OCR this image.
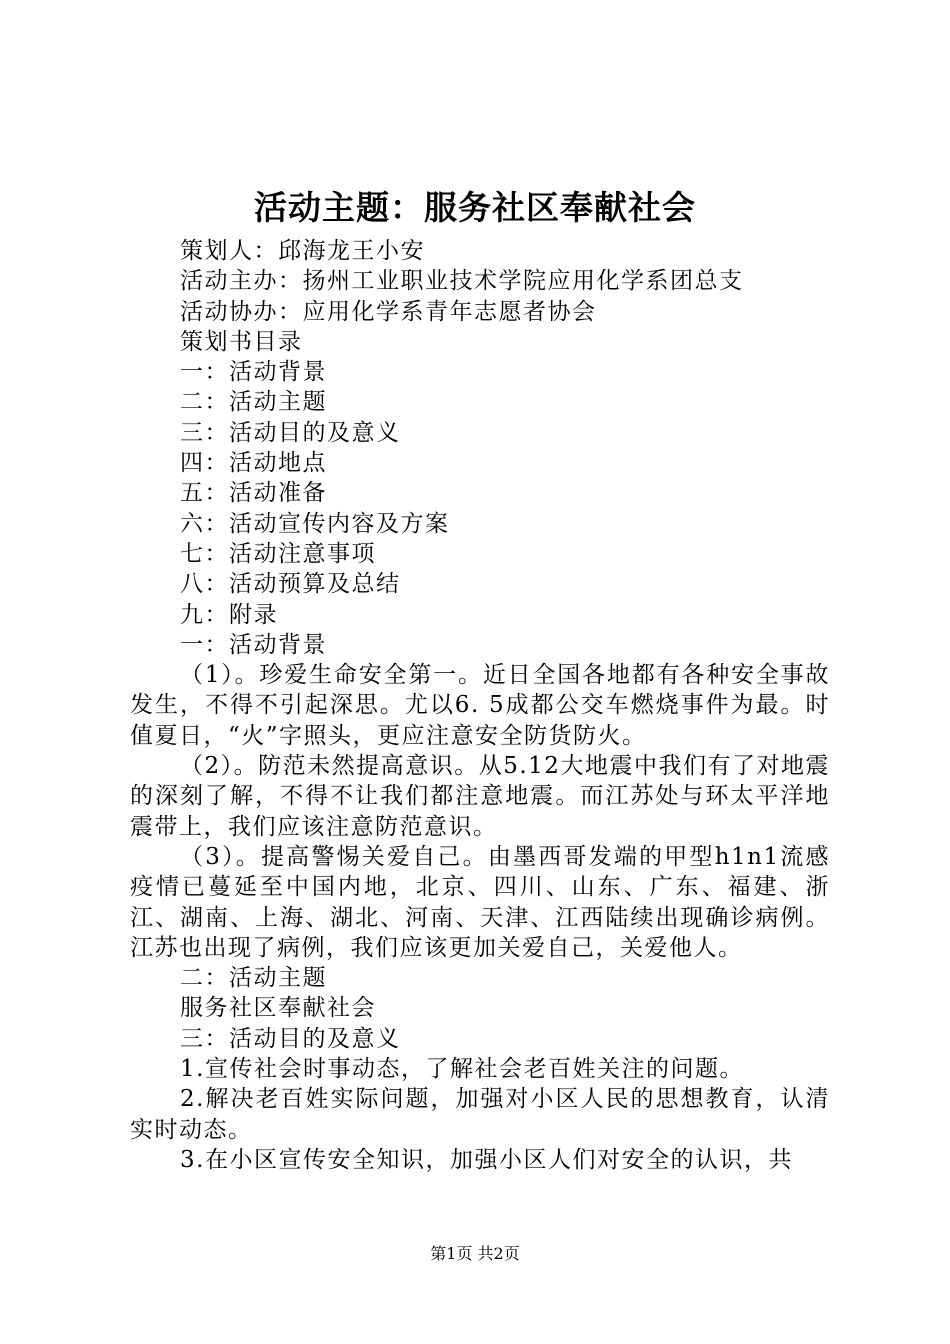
活动主题：服务社区奉献社会

策划人：邱海龙王小安

活动主办：扬州工业职业技术学院应用化学系团总支

活动协办：应用化学系青年志愿者协会

策划书目录

一：活动背景

二：活动主题

三：活动目的及意义

四：活动地点

五：活动准备

六：活动宣传内容及方案

七：活动注意事项

八：活动预算及总结

九：附录

一：活动背景

（1）。珍爱生命安全第一。近日全国各地都有各种安全事故发生，不得不引起深思。尤以6. 5成都公交车燃烧事件为最。时值夏日，“火”字照头，更应注意安全防货防火。

（2）。防范未然提高意识。从5.12大地震中我们有了对地震的深刻了解，不得不让我们都注意地震。而江苏处与环太平洋地震带上，我们应该注意防范意识。

（3）。提高警惕关爱自己。由墨西哥发端的甲型h1n1流感疫情已蔓延至中国内地，北京、四川、山东、广东、福建、浙江、湖南、上海、湖北、河南、天津、江西陆续出现确诊病例。江苏也出现了病例，我们应该更加关爱自己，关爱他人。

二：活动主题

服务社区奉献社会

三：活动目的及意义

1.宣传社会时事动态，了解社会老百姓关注的问题。

2.解决老百姓实际问题，加强对小区人民的思想教育，认清实时动态。

3.在小区宣传安全知识，加强小区人们对安全的认识，共

第1页 共2页
